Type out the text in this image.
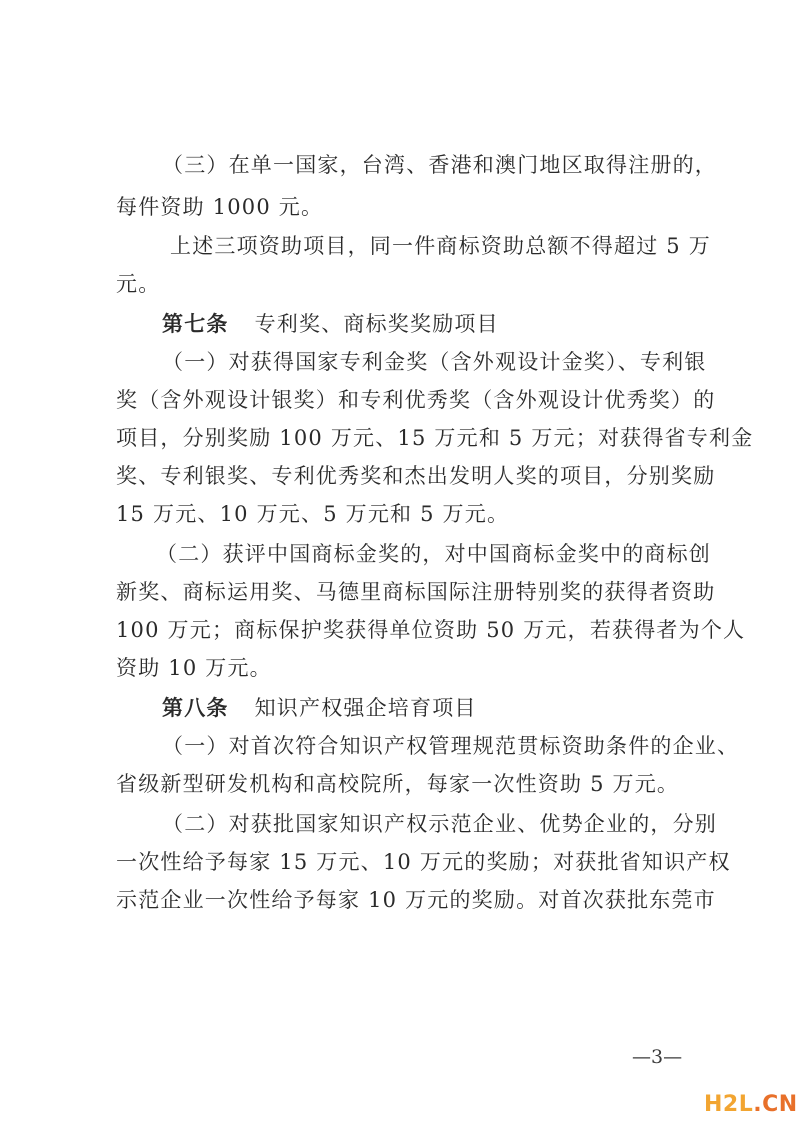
（三）在单一国家，台湾、香港和澳门地区取得注册的，
每件资助 1000 元。
上述三项资助项目，同一件商标资助总额不得超过 5 万
元。
第七条 专利奖、商标奖奖励项目
（一）对获得国家专利金奖（含外观设计金奖）、专利银
奖（含外观设计银奖）和专利优秀奖（含外观设计优秀奖）的
项目，分别奖励 100 万元、15 万元和 5 万元；对获得省专利金
奖、专利银奖、专利优秀奖和杰出发明人奖的项目，分别奖励
15 万元、10 万元、5 万元和 5 万元。
（二）获评中国商标金奖的，对中国商标金奖中的商标创
新奖、商标运用奖、马德里商标国际注册特别奖的获得者资助
100 万元；商标保护奖获得单位资助 50 万元，若获得者为个人
资助 10 万元。
第八条 知识产权强企培育项目
（一）对首次符合知识产权管理规范贯标资助条件的企业、
省级新型研发机构和高校院所，每家一次性资助 5 万元。
（二）对获批国家知识产权示范企业、优势企业的，分别
一次性给予每家 15 万元、10 万元的奖励；对获批省知识产权
示范企业一次性给予每家 10 万元的奖励。对首次获批东莞市
—3—
H2L.CN
